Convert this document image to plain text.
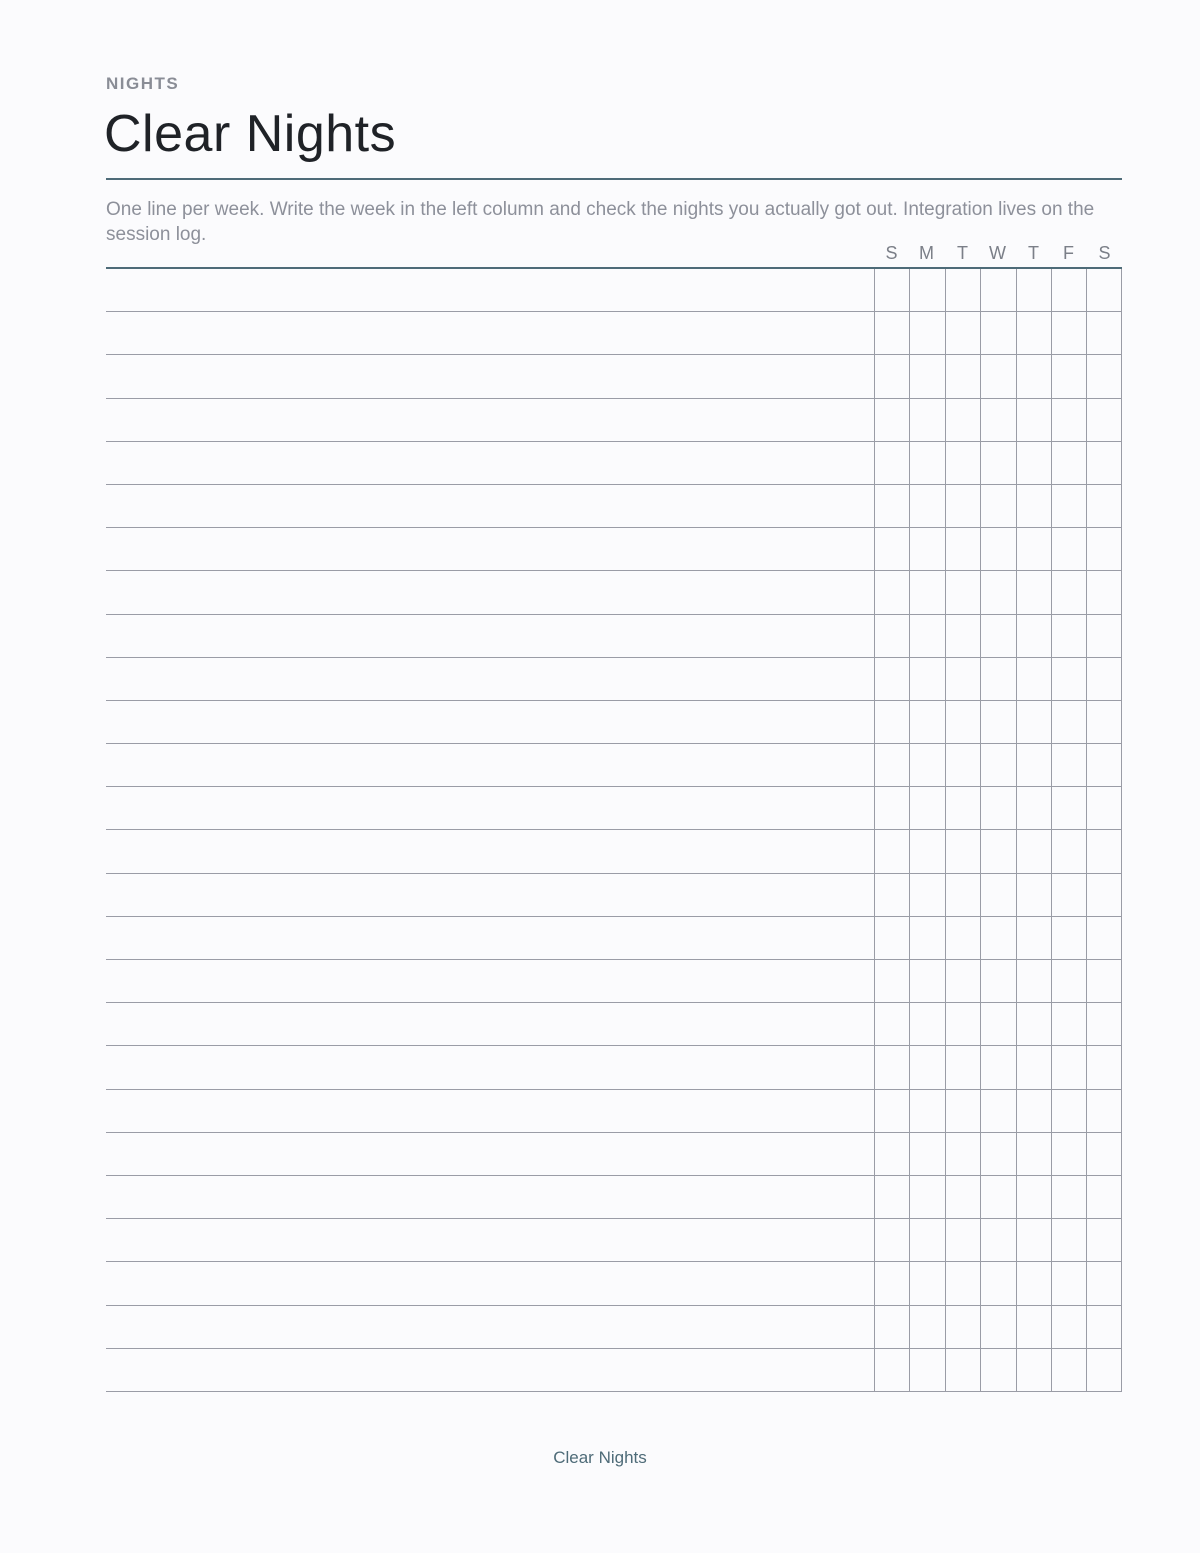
NIGHTS
Clear Nights

One line per week. Write the week in the left column and check the nights you actually got out. Integration lives on the session log.

S	M	T	W	T	F	S
Clear Nights
